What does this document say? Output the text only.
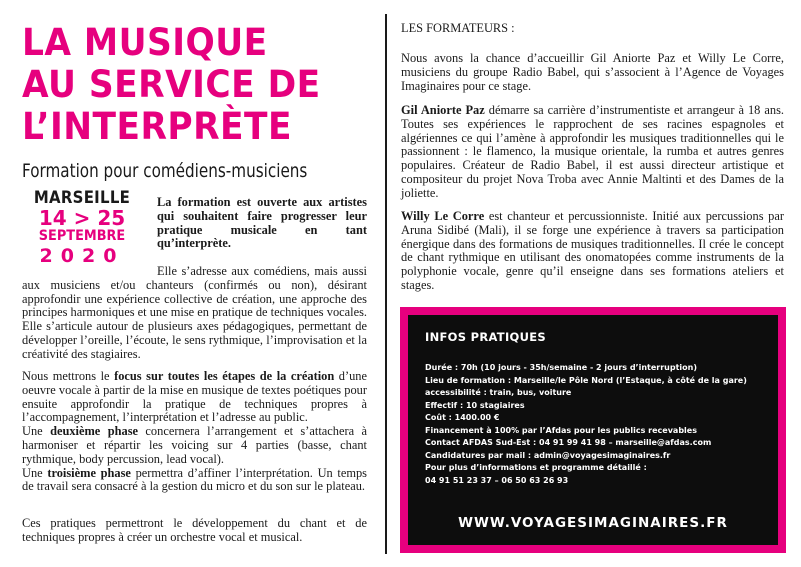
LA MUSIQUE
AU SERVICE DE
L’INTERPRÈTE
Formation pour comédiens-musiciens
MARSEILLE
14 > 25
SEPTEMBRE
2020

La formation est ouverte aux artistes qui souhaitent faire progresser leur pratique musicale en tant qu’interprète.

Elle s’adresse aux comédiens, mais aussi aux musiciens et/ou chanteurs (confirmés ou non), désirant approfondir une expérience collective de création, une approche des principes harmoniques et une mise en pratique de techniques vocales. Elle s’articule autour de plusieurs axes pédagogiques, permettant de développer l’oreille, l’écoute, le sens rythmique, l’improvisation et la créativité des stagiaires.

Nous mettrons le focus sur toutes les étapes de la création d’une oeuvre vocale à partir de la mise en musique de textes poétiques pour ensuite approfondir la pratique de techniques propres à l’accompagnement, l’interprétation et l’adresse au public.

Une deuxième phase concernera l’arrangement et s’attachera à harmoniser et répartir les voicing sur 4 parties (basse, chant rythmique, body percussion, lead vocal).

Une troisième phase permettra d’affiner l’interprétation. Un temps de travail sera consacré à la gestion du micro et du son sur le plateau.

Ces pratiques permettront le développement du chant et de techniques propres à créer un orchestre vocal et musical.

LES FORMATEURS :

Nous avons la chance d’accueillir Gil Aniorte Paz et Willy Le Corre, musiciens du groupe Radio Babel, qui s’associent à l’Agence de Voyages Imaginaires pour ce stage.

Gil Aniorte Paz démarre sa carrière d’instrumentiste et arrangeur à 18 ans. Toutes ses expériences le rapprochent de ses racines espagnoles et algériennes ce qui l’amène à approfondir les musiques traditionnelles qui le passionnent : le flamenco, la musique orientale, la rumba et autres genres populaires. Créateur de Radio Babel, il est aussi directeur artistique et compositeur du projet Nova Troba avec Annie Maltinti et des Dames de la joliette.

Willy Le Corre est chanteur et percussionniste. Initié aux percussions par Aruna Sidibé (Mali), il se forge une expérience à travers sa participation énergique dans des formations de musiques traditionnelles. Il crée le concept de chant rythmique en utilisant des onomatopées comme instruments de la polyphonie vocale, genre qu’il enseigne dans ses formations ateliers et stages.

INFOS PRATIQUES
Durée : 70h (10 jours - 35h/semaine - 2 jours d’interruption)
Lieu de formation : Marseille/le Pôle Nord (l’Estaque, à côté de la gare)
accessibilité : train, bus, voiture
Effectif : 10 stagiaires
Coût : 1400.00 €
Financement à 100% par l’Afdas pour les publics recevables
Contact AFDAS Sud-Est : 04 91 99 41 98 – marseille@afdas.com
Candidatures par mail : admin@voyagesimaginaires.fr
Pour plus d’informations et programme détaillé :
04 91 51 23 37 – 06 50 63 26 93
WWW.VOYAGESIMAGINAIRES.FR
